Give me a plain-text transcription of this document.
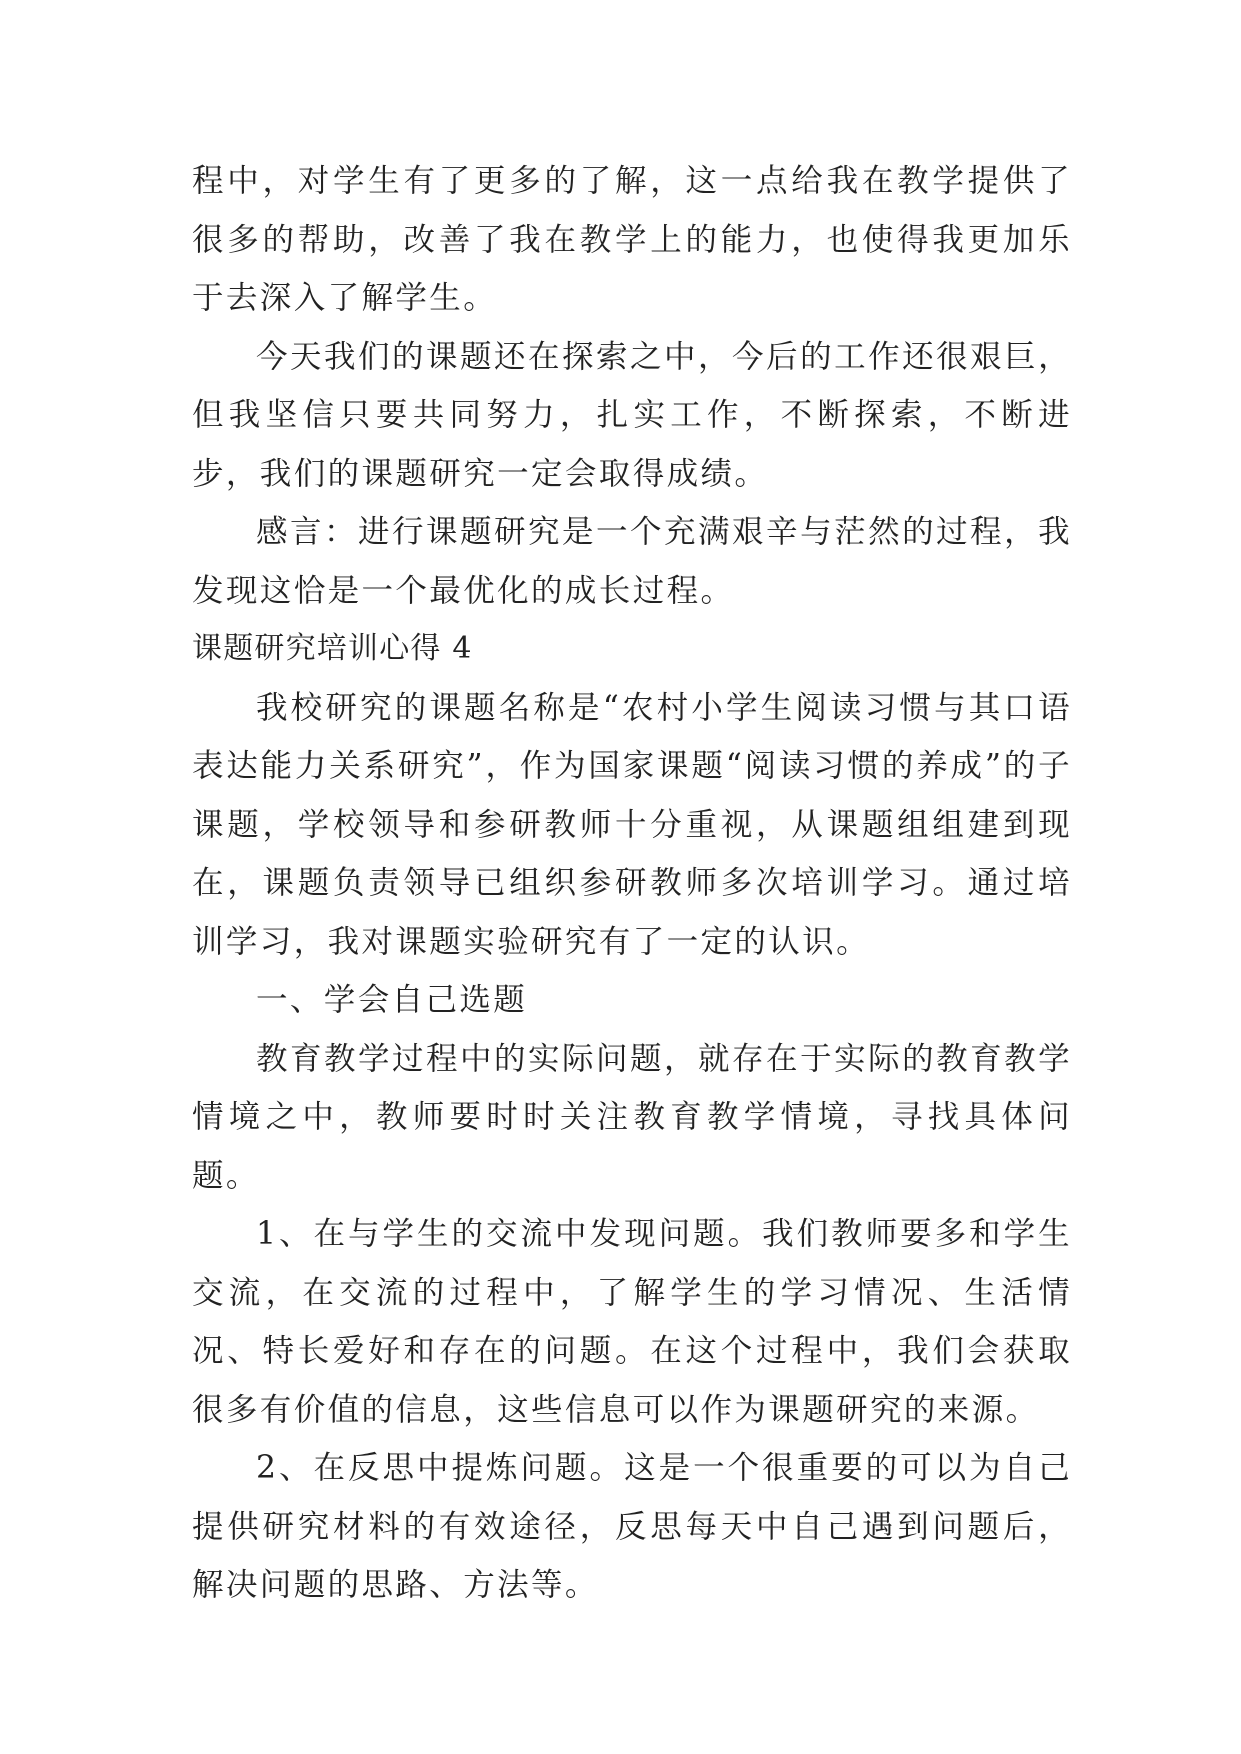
程中，对学生有了更多的了解，这一点给我在教学提供了很多的帮助，改善了我在教学上的能力，也使得我更加乐于去深入了解学生。

今天我们的课题还在探索之中，今后的工作还很艰巨，但我坚信只要共同努力，扎实工作，不断探索，不断进步，我们的课题研究一定会取得成绩。

感言：进行课题研究是一个充满艰辛与茫然的过程，我发现这恰是一个最优化的成长过程。

课题研究培训心得 4

我校研究的课题名称是“农村小学生阅读习惯与其口语表达能力关系研究”，作为国家课题“阅读习惯的养成”的子课题，学校领导和参研教师十分重视，从课题组组建到现在，课题负责领导已组织参研教师多次培训学习。通过培训学习，我对课题实验研究有了一定的认识。

一、学会自己选题

教育教学过程中的实际问题，就存在于实际的教育教学情境之中，教师要时时关注教育教学情境，寻找具体问题。

1、在与学生的交流中发现问题。我们教师要多和学生交流，在交流的过程中，了解学生的学习情况、生活情况、特长爱好和存在的问题。在这个过程中，我们会获取很多有价值的信息，这些信息可以作为课题研究的来源。

2、在反思中提炼问题。这是一个很重要的可以为自己提供研究材料的有效途径，反思每天中自己遇到问题后，解决问题的思路、方法等。
